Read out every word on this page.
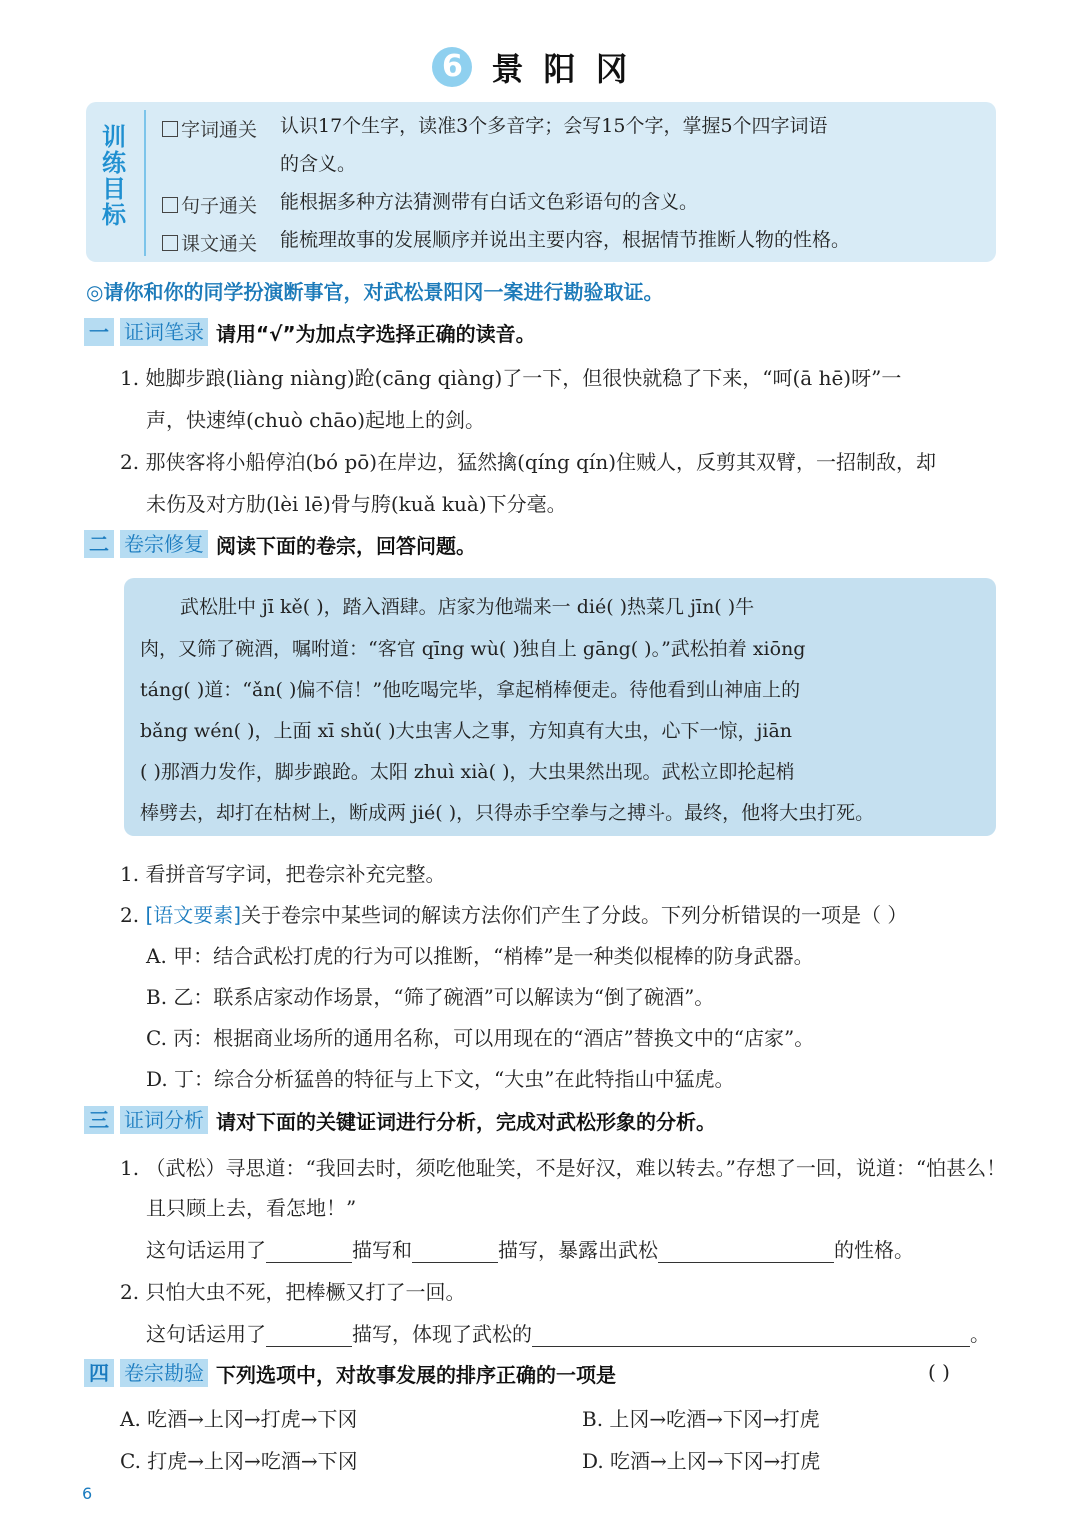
6 景阳冈
训
练
目
标
字词通关 认识17个生字，读准3个多音字；会写15个字，掌握5个四字词语
的含义。
句子通关 能根据多种方法猜测带有白话文色彩语句的含义。
课文通关 能梳理故事的发展顺序并说出主要内容，根据情节推断人物的性格。
◎请你和你的同学扮演断事官，对武松景阳冈一案进行勘验取证。
一 证词笔录 请用“√”为加点字选择正确的读音。
1. 她脚步踉(liàng niàng)跄(cāng qiàng)了一下，但很快就稳了下来，“呵(ā hē)呀”一
声，快速绰(chuò chāo)起地上的剑。
2. 那侠客将小船停泊(bó pō)在岸边，猛然擒(qíng qín)住贼人，反剪其双臂，一招制敌，却
未伤及对方肋(lèi lē)骨与胯(kuǎ kuà)下分毫。
二 卷宗修复 阅读下面的卷宗，回答问题。
武松肚中 jī kě( )，踏入酒肆。店家为他端来一 dié( )热菜几 jīn( )牛
肉，又筛了碗酒，嘱咐道：“客官 qīng wù( )独自上 gāng( )。”武松拍着 xiōng
táng( )道：“ǎn( )偏不信！”他吃喝完毕，拿起梢棒便走。待他看到山神庙上的
bǎng wén( )，上面 xī shǔ( )大虫害人之事，方知真有大虫，心下一惊，jiān
( )那酒力发作，脚步踉跄。太阳 zhuì xià( )，大虫果然出现。武松立即抡起梢
棒劈去，却打在枯树上，断成两 jié( )，只得赤手空拳与之搏斗。最终，他将大虫打死。
1. 看拼音写字词，把卷宗补充完整。
2. [语文要素]关于卷宗中某些词的解读方法你们产生了分歧。下列分析错误的一项是（ ）
A. 甲：结合武松打虎的行为可以推断，“梢棒”是一种类似棍棒的防身武器。
B. 乙：联系店家动作场景，“筛了碗酒”可以解读为“倒了碗酒”。
C. 丙：根据商业场所的通用名称，可以用现在的“酒店”替换文中的“店家”。
D. 丁：综合分析猛兽的特征与上下文，“大虫”在此特指山中猛虎。
三 证词分析 请对下面的关键证词进行分析，完成对武松形象的分析。
1. （武松）寻思道：“我回去时，须吃他耻笑，不是好汉，难以转去。”存想了一回，说道：“怕甚么！
且只顾上去，看怎地！”
这句话运用了	描写和	描写，暴露出武松	的性格。
2. 只怕大虫不死，把棒橛又打了一回。
这句话运用了	描写，体现了武松的	。
四 卷宗勘验 下列选项中，对故事发展的排序正确的一项是	( )
A. 吃酒→上冈→打虎→下冈	B. 上冈→吃酒→下冈→打虎
C. 打虎→上冈→吃酒→下冈	D. 吃酒→上冈→下冈→打虎
6
